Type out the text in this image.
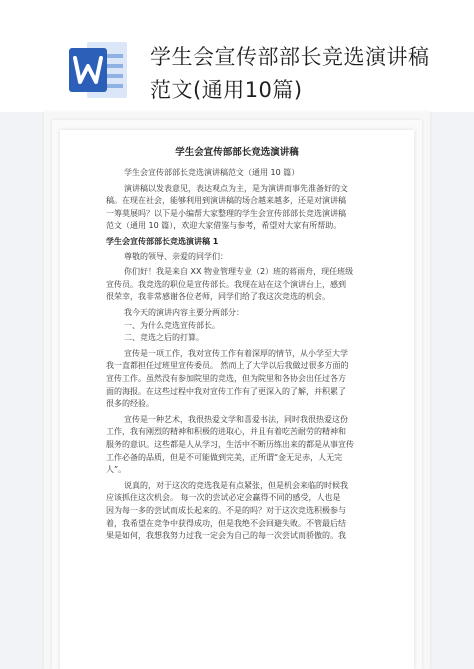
学生会宣传部部长竞选演讲稿
范文(通用10篇)
学生会宣传部部长竞选演讲稿
学生会宣传部部长竞选演讲稿范文（通用 10 篇）
演讲稿以发表意见，表达观点为主，是为演讲而事先准备好的文
稿。在现在社会，能够利用到演讲稿的场合越来越多，还是对演讲稿
一筹莫展吗？以下是小编帮大家整理的学生会宣传部部长竞选演讲稿
范文（通用 10 篇），欢迎大家借鉴与参考，希望对大家有所帮助。
学生会宣传部部长竞选演讲稿 1
尊敬的领导、亲爱的同学们：
你们好！我是来自 XX 物业管理专业（2）班的蒋雨舟，现任班级
宣传员。我竞选的职位是宣传部长。我现在站在这个演讲台上，感到
很荣幸，我非常感谢各位老师，同学们给了我这次竞选的机会。
我今天的演讲内容主要分两部分：
一、为什么竞选宣传部长。
二、竞选之后的打算。
宣传是一项工作，我对宣传工作有着深厚的情节，从小学至大学
我一直都担任过班里宣传委员。 然而上了大学以后我做过很多方面的
宣传工作。虽然没有参加院里的竞选，但为院里和各协会出任过各方
面的海报。在这些过程中我对宣传工作有了更深入的了解，并积累了
很多的经验。
宣传是一种艺术，我很热爱文学和喜爱书法，同时我很热爱这份
工作，我有刚烈的精神和积极的进取心，并且有着吃苦耐劳的精神和
服务的意识。这些都是人从学习，生活中不断历练出来的都是从事宣传
工作必备的品质，但是不可能做到完美，正所谓“金无足赤，人无完
人”。
说真的，对于这次的竞选我是有点紧张，但是机会来临的时候我
应该抓住这次机会。 每一次的尝试必定会赢得不同的感受，人也是
因为每一多的尝试而成长起来的。不是的吗？对于这次竞选积极参与
着，我希望在竞争中获得成功，但是我绝不会回避失败。不管最后结
果是如何，我想我努力过我一定会为自己的每一次尝试而骄傲的。我
